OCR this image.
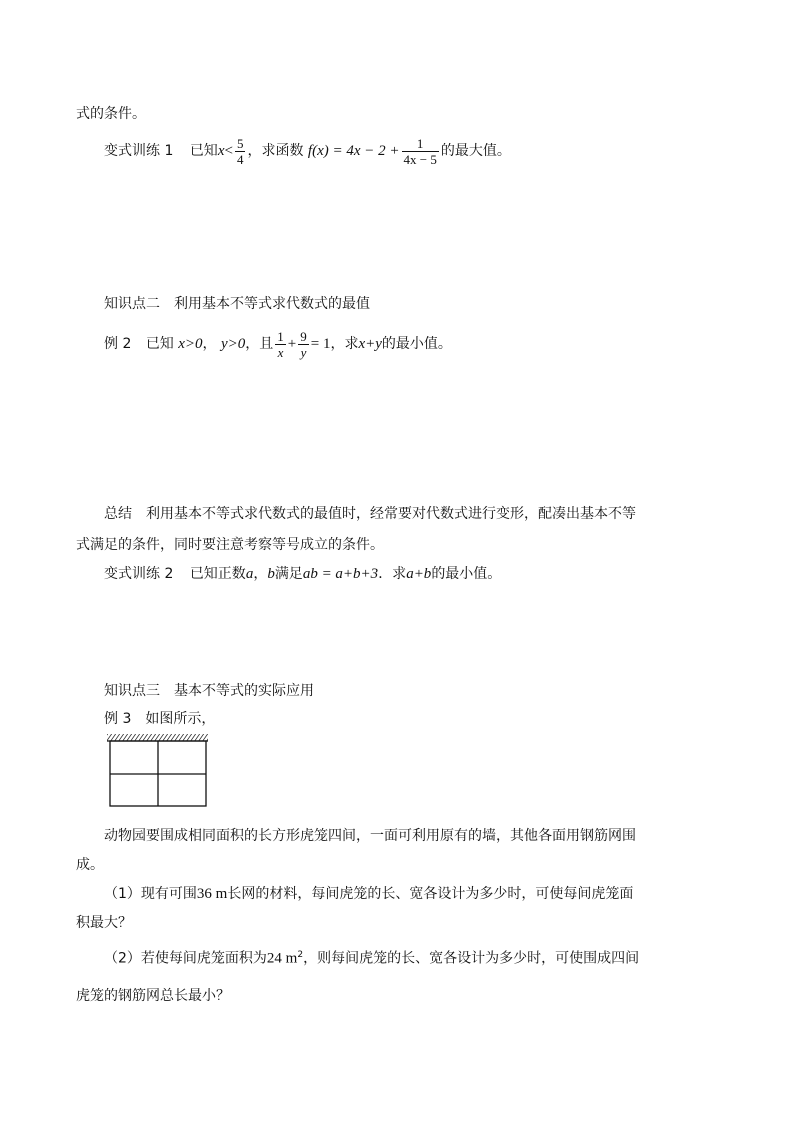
式的条件。
变式训练 1 已知$x< \frac{5}{4}$ ，求函数 $f(x) = 4x - 2 + \frac{1}{4x - 5}$ 的最大值。
知识点二　利用基本不等式求代数式的最值
例 2 已知 x>0， y>0，且 $\frac{1}{x} + \frac{9}{y} = 1$，求x+y的最小值。
总结　利用基本不等式求代数式的最值时，经常要对代数式进行变形，配凑出基本不等
式满足的条件，同时要注意考察等号成立的条件。
变式训练 2 已知正数a，b满足ab = a+b+3．求a+b的最小值。
知识点三　基本不等式的实际应用
例 3　如图所示，
动物园要围成相同面积的长方形虎笼四间，一面可利用原有的墙，其他各面用钢筋网围
成。
（1）现有可围36 m长网的材料，每间虎笼的长、宽各设计为多少时，可使每间虎笼面
积最大？
（2）若使每间虎笼面积为24 $m^2$，则每间虎笼的长、宽各设计为多少时，可使围成四间
虎笼的钢筋网总长最小？
